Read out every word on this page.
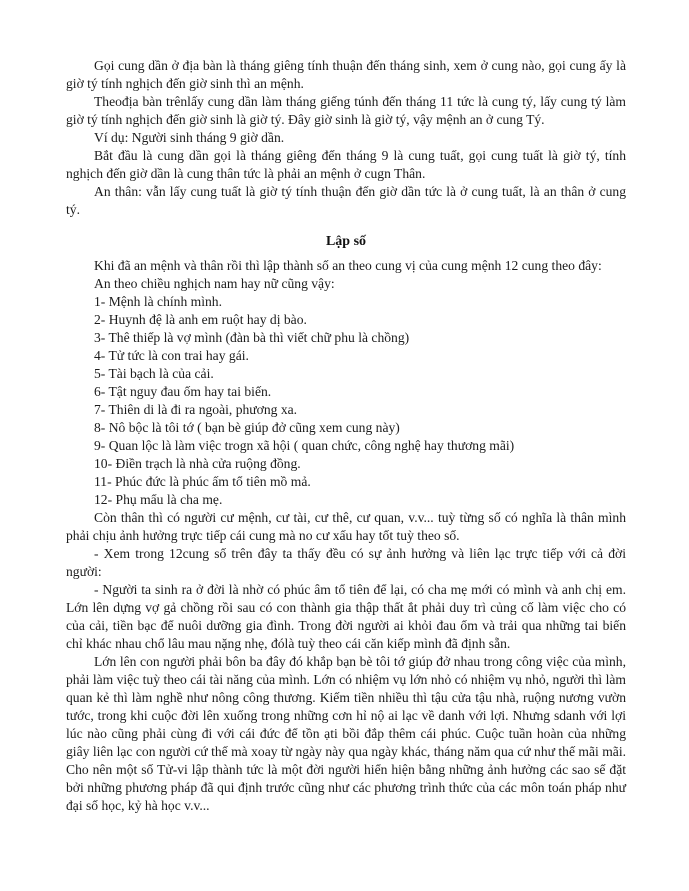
Gọi cung dần ở địa bàn là tháng giêng tính thuận đến tháng sinh, xem ở cung nào, gọi cung ấy là giờ tý tính nghịch đến giờ sinh thì an mệnh.

Theođịa bàn trênlấy cung dần làm tháng giếng túnh đến tháng 11 tức là cung tý, lấy cung tý làm giờ tý tính nghịch đến giờ sinh là giờ tý. Đây giờ sinh là giờ tý, vậy mệnh an ở cung Tý.

Ví dụ: Người sinh tháng 9 giờ dần.

Bắt đầu là cung dần gọi là tháng giêng đến tháng 9 là cung tuất, gọi cung tuất là giờ tý, tính nghịch đến giờ dần là cung thân tức là phải an mệnh ở cugn Thân.

An thân: vẫn lấy cung tuất là giờ tý tính thuận đến giờ dần tức là ở cung tuất, là an thân ở cung tý.

Lập số

Khi đã an mệnh và thân rồi thì lập thành số an theo cung vị của cung mệnh 12 cung theo đây:

An theo chiều nghịch nam hay nữ cũng vậy:

1- Mệnh là chính mình.

2- Huynh đệ là anh em ruột hay dị bào.

3- Thê thiếp là vợ mình (đàn bà thì viết chữ phu là chồng)

4- Tử tức là con trai hay gái.

5- Tài bạch là của cải.

6- Tật nguy đau ốm hay tai biến.

7- Thiên di là đi ra ngoài, phương xa.

8- Nô bộc là tôi tớ ( bạn bè giúp đở cũng xem cung này)

9- Quan lộc là làm việc trogn xã hội ( quan chức, công nghệ hay thương mãi)

10- Điền trạch là nhà cửa ruộng đồng.

11- Phúc đức là phúc ấm tổ tiên mồ mả.

12- Phụ mẩu là cha mẹ.

Còn thân thì có người cư mệnh, cư tài, cư thê, cư quan, v.v... tuỳ từng số có nghĩa là thân mình phải chịu ảnh hưởng trực tiếp cái cung mà no cư xấu hay tốt tuỳ theo số.

- Xem trong 12cung số trên đây ta thấy đều có sự ảnh hưởng và liên lạc trực tiếp với cả đời người:

- Người ta sinh ra ở đời là nhờ có phúc âm tổ tiên để lại, có cha mẹ mới có mình và anh chị em. Lớn lên dựng vợ gả chồng rồi sau có con thành gia thập thất ắt phải duy trì củng cố làm việc cho có của cải, tiền bạc để nuôi dưỡng gia đình. Trong đời người ai khỏi đau ốm và trải qua những tai biến chỉ khác nhau chổ lâu mau nặng nhẹ, đólà tuỳ theo cái căn kiếp mình đã định sẵn.

Lớn lên con người phải bôn ba đây đó khắp bạn bè tôi tớ giúp đở nhau trong công việc của mình, phải làm việc tuỳ theo cái tài năng của mình. Lớn có nhiệm vụ lớn nhỏ có nhiệm vụ nhỏ, người thì làm quan kẻ thì làm nghề như nông công thương. Kiếm tiền nhiều thì tậu cửa tậu nhà, ruộng nương vườn tước, trong khi cuộc đời lên xuống trong những cơn hỉ nộ ai lạc về danh với lợi. Nhưng sdanh với lợi lúc nào cũng phải cùng đi với cái đức để tồn ạti bồi đắp thêm cái phúc. Cuộc tuần hoàn của những giây liên lạc con người cứ thế mà xoay từ ngày này qua ngày khác, tháng năm qua cứ như thế mãi mãi. Cho nên một số Tử-vi lập thành tức là một đời người hiển hiện bằng những ảnh hưởng các sao sế đặt bởi những phương pháp đã qui định trước cũng như các phương trình thức của các môn toán pháp như đại số học, kỷ hà học v.v...
